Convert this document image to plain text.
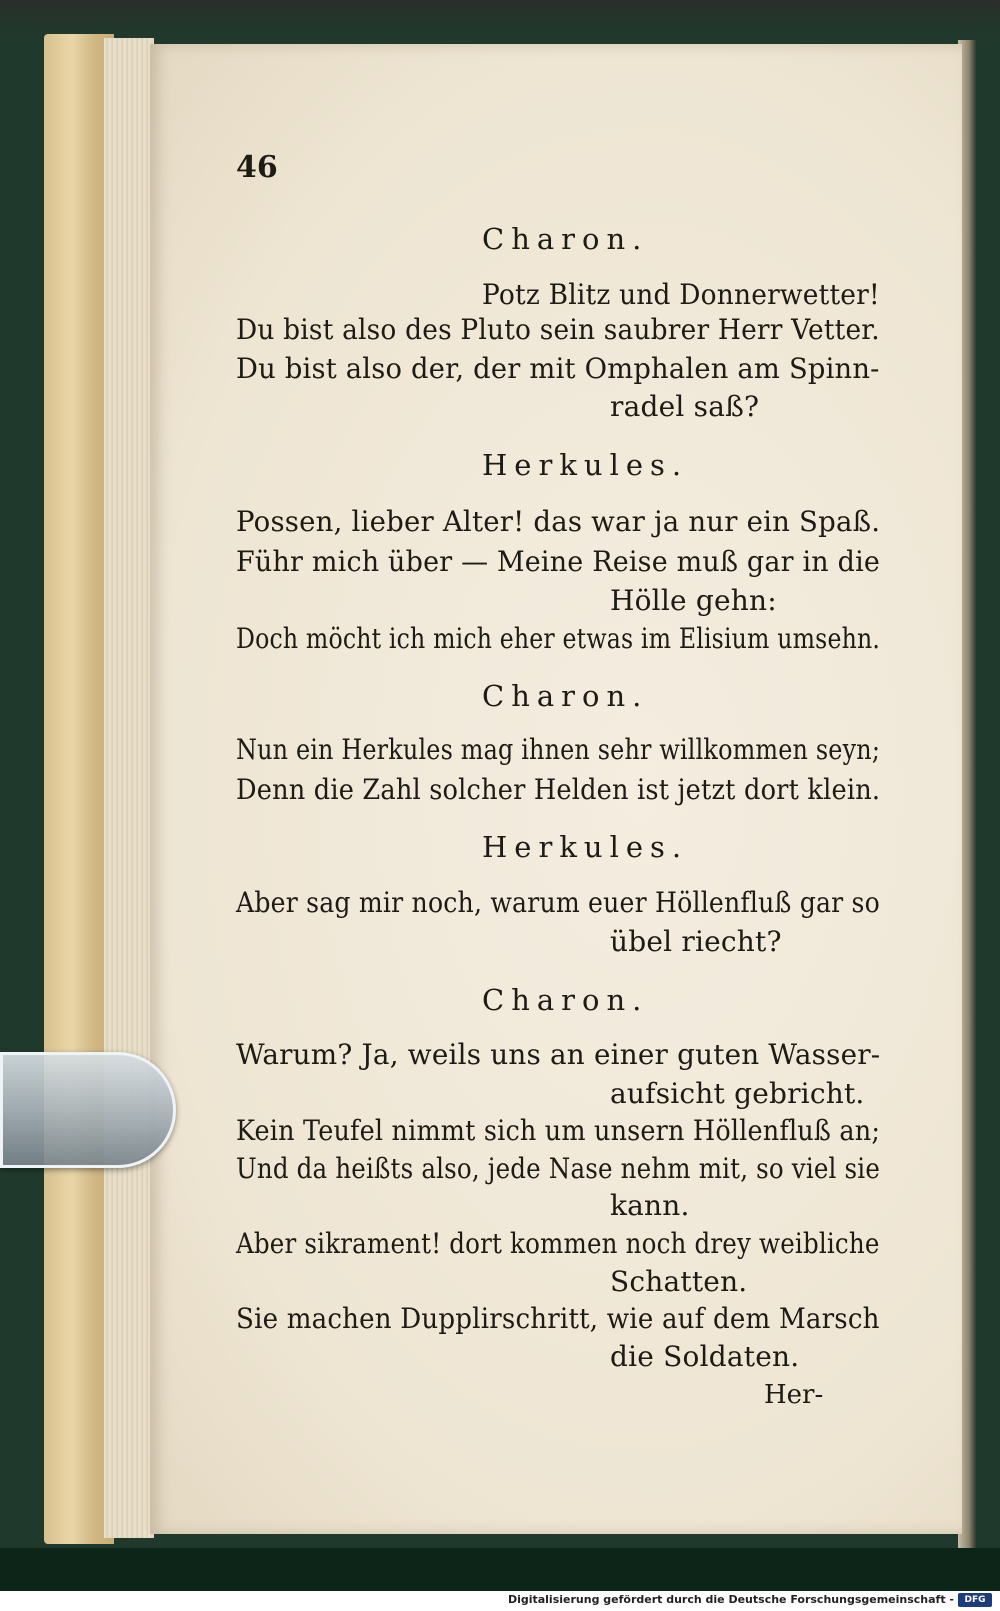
46
Charon.
Potz Blitz und Donnerwetter!
Du bist also des Pluto sein saubrer Herr Vetter.
Du bist also der, der mit Omphalen am Spinn-
radel saß?
Herkules.
Possen, lieber Alter! das war ja nur ein Spaß.
Führ mich über — Meine Reise muß gar in die
Hölle gehn:
Doch möcht ich mich eher etwas im Elisium umsehn.
Charon.
Nun ein Herkules mag ihnen sehr willkommen seyn;
Denn die Zahl solcher Helden ist jetzt dort klein.
Herkules.
Aber sag mir noch, warum euer Höllenfluß gar so
übel riecht?
Charon.
Warum? Ja, weils uns an einer guten Wasser-
aufsicht gebricht.
Kein Teufel nimmt sich um unsern Höllenfluß an;
Und da heißts also, jede Nase nehm mit, so viel sie
kann.
Aber sikrament! dort kommen noch drey weibliche
Schatten.
Sie machen Dupplirschritt, wie auf dem Marsch
die Soldaten.
Her-
Digitalisierung gefördert durch die Deutsche Forschungsgemeinschaft -	DFG
